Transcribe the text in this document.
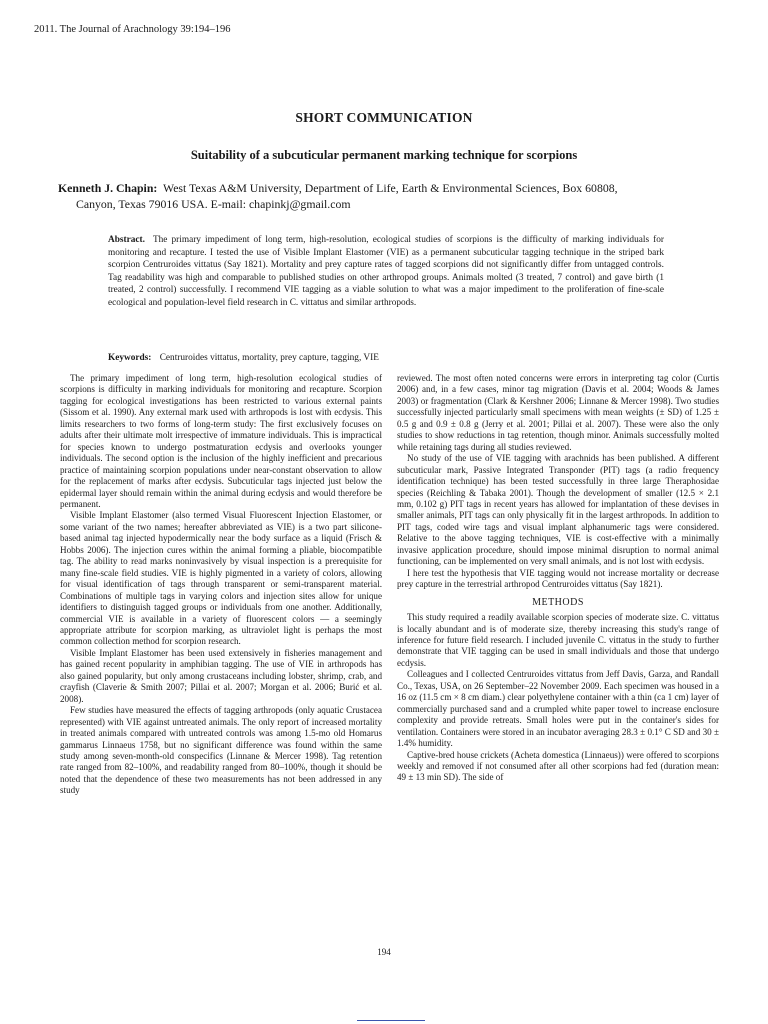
2011. The Journal of Arachnology 39:194–196
SHORT COMMUNICATION
Suitability of a subcuticular permanent marking technique for scorpions
Kenneth J. Chapin: West Texas A&M University, Department of Life, Earth & Environmental Sciences, Box 60808,
Canyon, Texas 79016 USA. E-mail: chapinkj@gmail.com
Abstract. The primary impediment of long term, high-resolution, ecological studies of scorpions is the difficulty of marking individuals for monitoring and recapture. I tested the use of Visible Implant Elastomer (VIE) as a permanent subcuticular tagging technique in the striped bark scorpion Centruroides vittatus (Say 1821). Mortality and prey capture rates of tagged scorpions did not significantly differ from untagged controls. Tag readability was high and comparable to published studies on other arthropod groups. Animals molted (3 treated, 7 control) and gave birth (1 treated, 2 control) successfully. I recommend VIE tagging as a viable solution to what was a major impediment to the proliferation of fine-scale ecological and population-level field research in C. vittatus and similar arthropods.
Keywords: Centruroides vittatus, mortality, prey capture, tagging, VIE

The primary impediment of long term, high-resolution ecological studies of scorpions is difficulty in marking individuals for monitoring and recapture. Scorpion tagging for ecological investigations has been restricted to various external paints (Sissom et al. 1990). Any external mark used with arthropods is lost with ecdysis. This limits researchers to two forms of long-term study: The first exclusively focuses on adults after their ultimate molt irrespective of immature individuals. This is impractical for species known to undergo postmaturation ecdysis and overlooks younger individuals. The second option is the inclusion of the highly inefficient and precarious practice of maintaining scorpion populations under near-constant observation to allow for the replacement of marks after ecdysis. Subcuticular tags injected just below the epidermal layer should remain within the animal during ecdysis and would therefore be permanent.

Visible Implant Elastomer (also termed Visual Fluorescent Injection Elastomer, or some variant of the two names; hereafter abbreviated as VIE) is a two part silicone-based animal tag injected hypodermically near the body surface as a liquid (Frisch & Hobbs 2006). The injection cures within the animal forming a pliable, biocompatible tag. The ability to read marks noninvasively by visual inspection is a prerequisite for many fine-scale field studies. VIE is highly pigmented in a variety of colors, allowing for visual identification of tags through transparent or semi-transparent material. Combinations of multiple tags in varying colors and injection sites allow for unique identifiers to distinguish tagged groups or individuals from one another. Additionally, commercial VIE is available in a variety of fluorescent colors — a seemingly appropriate attribute for scorpion marking, as ultraviolet light is perhaps the most common collection method for scorpion research.

Visible Implant Elastomer has been used extensively in fisheries management and has gained recent popularity in amphibian tagging. The use of VIE in arthropods has also gained popularity, but only among crustaceans including lobster, shrimp, crab, and crayfish (Claverie & Smith 2007; Pillai et al. 2007; Morgan et al. 2006; Burić et al. 2008).

Few studies have measured the effects of tagging arthropods (only aquatic Crustacea represented) with VIE against untreated animals. The only report of increased mortality in treated animals compared with untreated controls was among 1.5-mo old Homarus gammarus Linnaeus 1758, but no significant difference was found within the same study among seven-month-old conspecifics (Linnane & Mercer 1998). Tag retention rate ranged from 82–100%, and readability ranged from 80–100%, though it should be noted that the dependence of these two measurements has not been addressed in any study

reviewed. The most often noted concerns were errors in interpreting tag color (Curtis 2006) and, in a few cases, minor tag migration (Davis et al. 2004; Woods & James 2003) or fragmentation (Clark & Kershner 2006; Linnane & Mercer 1998). Two studies successfully injected particularly small specimens with mean weights (± SD) of 1.25 ± 0.5 g and 0.9 ± 0.8 g (Jerry et al. 2001; Pillai et al. 2007). These were also the only studies to show reductions in tag retention, though minor. Animals successfully molted while retaining tags during all studies reviewed.

No study of the use of VIE tagging with arachnids has been published. A different subcuticular mark, Passive Integrated Transponder (PIT) tags (a radio frequency identification technique) has been tested successfully in three large Theraphosidae species (Reichling & Tabaka 2001). Though the development of smaller (12.5 × 2.1 mm, 0.102 g) PIT tags in recent years has allowed for implantation of these devises in smaller animals, PIT tags can only physically fit in the largest arthropods. In addition to PIT tags, coded wire tags and visual implant alphanumeric tags were considered. Relative to the above tagging techniques, VIE is cost-effective with a minimally invasive application procedure, should impose minimal disruption to normal animal functioning, can be implemented on very small animals, and is not lost with ecdysis.

I here test the hypothesis that VIE tagging would not increase mortality or decrease prey capture in the terrestrial arthropod Centruroides vittatus (Say 1821).

METHODS

This study required a readily available scorpion species of moderate size. C. vittatus is locally abundant and is of moderate size, thereby increasing this study's range of inference for future field research. I included juvenile C. vittatus in the study to further demonstrate that VIE tagging can be used in small individuals and those that undergo ecdysis.

Colleagues and I collected Centruroides vittatus from Jeff Davis, Garza, and Randall Co., Texas, USA, on 26 September–22 November 2009. Each specimen was housed in a 16 oz (11.5 cm × 8 cm diam.) clear polyethylene container with a thin (ca 1 cm) layer of commercially purchased sand and a crumpled white paper towel to increase enclosure complexity and provide retreats. Small holes were put in the container's sides for ventilation. Containers were stored in an incubator averaging 28.3 ± 0.1° C SD and 30 ± 1.4% humidity.

Captive-bred house crickets (Acheta domestica (Linnaeus)) were offered to scorpions weekly and removed if not consumed after all other scorpions had fed (duration mean: 49 ± 13 min SD). The side of

194
